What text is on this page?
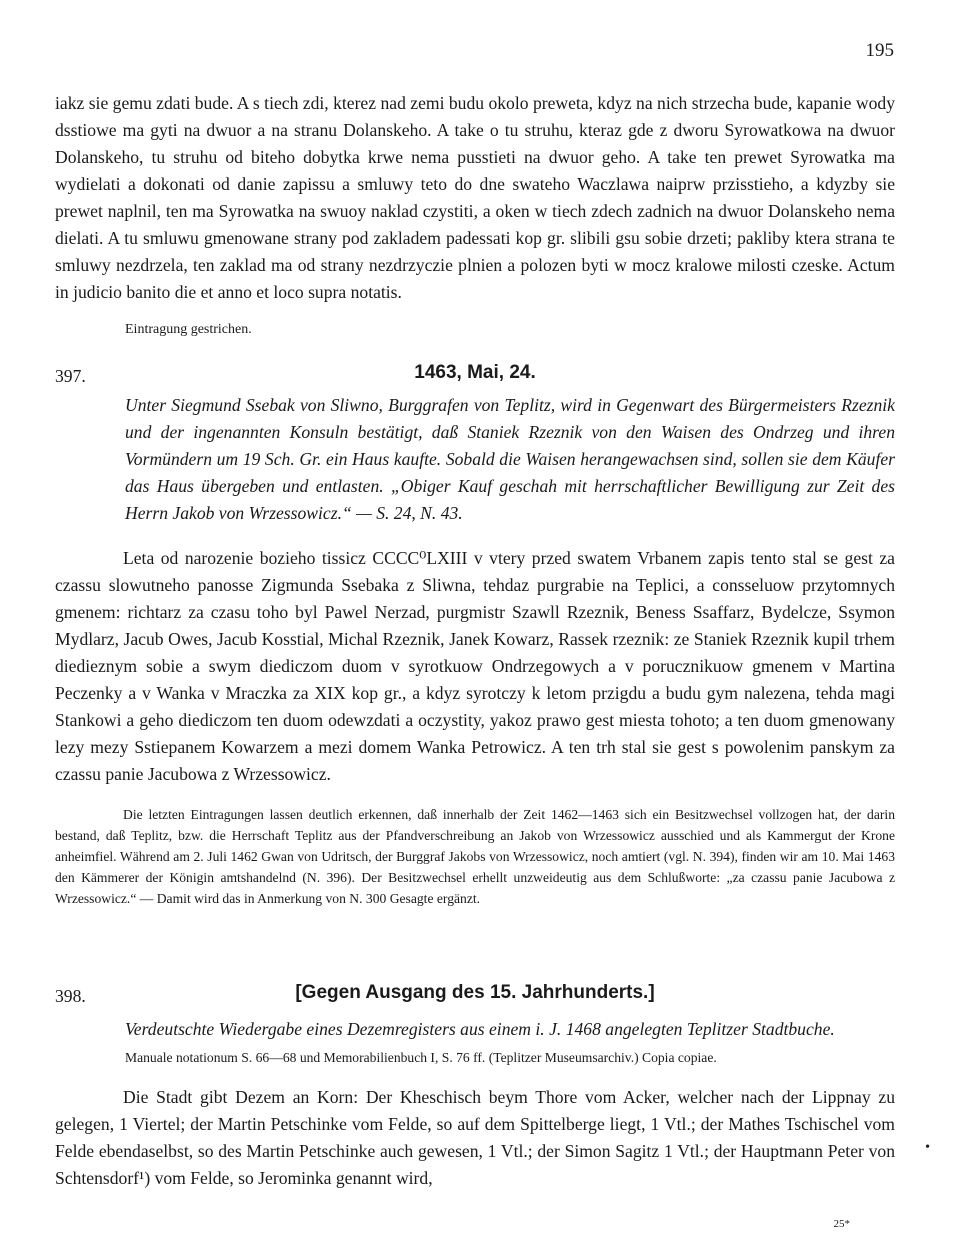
195

iakz sie gemu zdati bude. A s tiech zdi, kterez nad zemi budu okolo preweta, kdyz na nich strzecha bude, kapanie wody dsstiowe ma gyti na dwuor a na stranu Dolanskeho. A take o tu struhu, kteraz gde z dworu Syrowatkowa na dwuor Dolanskeho, tu struhu od biteho dobytka krwe nema pusstieti na dwuor geho. A take ten prewet Syrowatka ma wydielati a dokonati od danie zapissu a smluwy teto do dne swateho Waczlawa naiprw przisstieho, a kdyzby sie prewet naplnil, ten ma Syrowatka na swuoy naklad czystiti, a oken w tiech zdech zadnich na dwuor Dolanskeho nema dielati. A tu smluwu gmenowane strany pod zakladem padessati kop gr. slibili gsu sobie drzeti; pakliby ktera strana te smluwy nezdrzela, ten zaklad ma od strany nezdrzyczie plnien a polozen byti w mocz kralowe milosti czeske. Actum in judicio banito die et anno et loco supra notatis.

Eintragung gestrichen.

397.	1463, Mai, 24.

Unter Siegmund Ssebak von Sliwno, Burggrafen von Teplitz, wird in Gegenwart des Bürgermeisters Rzeznik und der ingenannten Konsuln bestätigt, daß Staniek Rzeznik von den Waisen des Ondrzeg und ihren Vormündern um 19 Sch. Gr. ein Haus kaufte. Sobald die Waisen herangewachsen sind, sollen sie dem Käufer das Haus übergeben und entlasten. „Obiger Kauf geschah mit herrschaftlicher Bewilligung zur Zeit des Herrn Jakob von Wrzessowicz.“ — S. 24, N. 43.

Leta od narozenie bozieho tissicz CCCC⁰LXIII v vtery przed swatem Vrbanem zapis tento stal se gest za czassu slowutneho panosse Zigmunda Ssebaka z Sliwna, tehdaz purgrabie na Teplici, a consseluow przytomnych gmenem: richtarz za czasu toho byl Pawel Nerzad, purgmistr Szawll Rzeznik, Beness Ssaffarz, Bydelcze, Ssymon Mydlarz, Jacub Owes, Jacub Kosstial, Michal Rzeznik, Janek Kowarz, Rassek rzeznik: ze Staniek Rzeznik kupil trhem diedieznym sobie a swym diediczom duom v syrotkuow Ondrzegowych a v porucznikuow gmenem v Martina Peczenky a v Wanka v Mraczka za XIX kop gr., a kdyz syrotczy k letom przigdu a budu gym nalezena, tehda magi Stankowi a geho diediczom ten duom odewzdati a oczystity, yakoz prawo gest miesta tohoto; a ten duom gmenowany lezy mezy Sstiepanem Kowarzem a mezi domem Wanka Petrowicz. A ten trh stal sie gest s powolenim panskym za czassu panie Jacubowa z Wrzessowicz.

Die letzten Eintragungen lassen deutlich erkennen, daß innerhalb der Zeit 1462—1463 sich ein Besitzwechsel vollzogen hat, der darin bestand, daß Teplitz, bzw. die Herrschaft Teplitz aus der Pfandverschreibung an Jakob von Wrzessowicz ausschied und als Kammergut der Krone anheimfiel. Während am 2. Juli 1462 Gwan von Udritsch, der Burggraf Jakobs von Wrzessowicz, noch amtiert (vgl. N. 394), finden wir am 10. Mai 1463 den Kämmerer der Königin amtshandelnd (N. 396). Der Besitzwechsel erhellt unzweideutig aus dem Schlußworte: „za czassu panie Jacubowa z Wrzessowicz.“ — Damit wird das in Anmerkung von N. 300 Gesagte ergänzt.

398.	[Gegen Ausgang des 15. Jahrhunderts.]

Verdeutschte Wiedergabe eines Dezemregisters aus einem i. J. 1468 angelegten Teplitzer Stadtbuche.

Manuale notationum S. 66—68 und Memorabilienbuch I, S. 76 ff. (Teplitzer Museumsarchiv.) Copia copiae.

Die Stadt gibt Dezem an Korn: Der Kheschisch beym Thore vom Acker, welcher nach der Lippnay zu gelegen, 1 Viertel; der Martin Petschinke vom Felde, so auf dem Spittelberge liegt, 1 Vtl.; der Mathes Tschischel vom Felde ebendaselbst, so des Martin Petschinke auch gewesen, 1 Vtl.; der Simon Sagitz 1 Vtl.; der Hauptmann Peter von Schtensdorf¹) vom Felde, so Jerominka genannt wird,

25*
•
